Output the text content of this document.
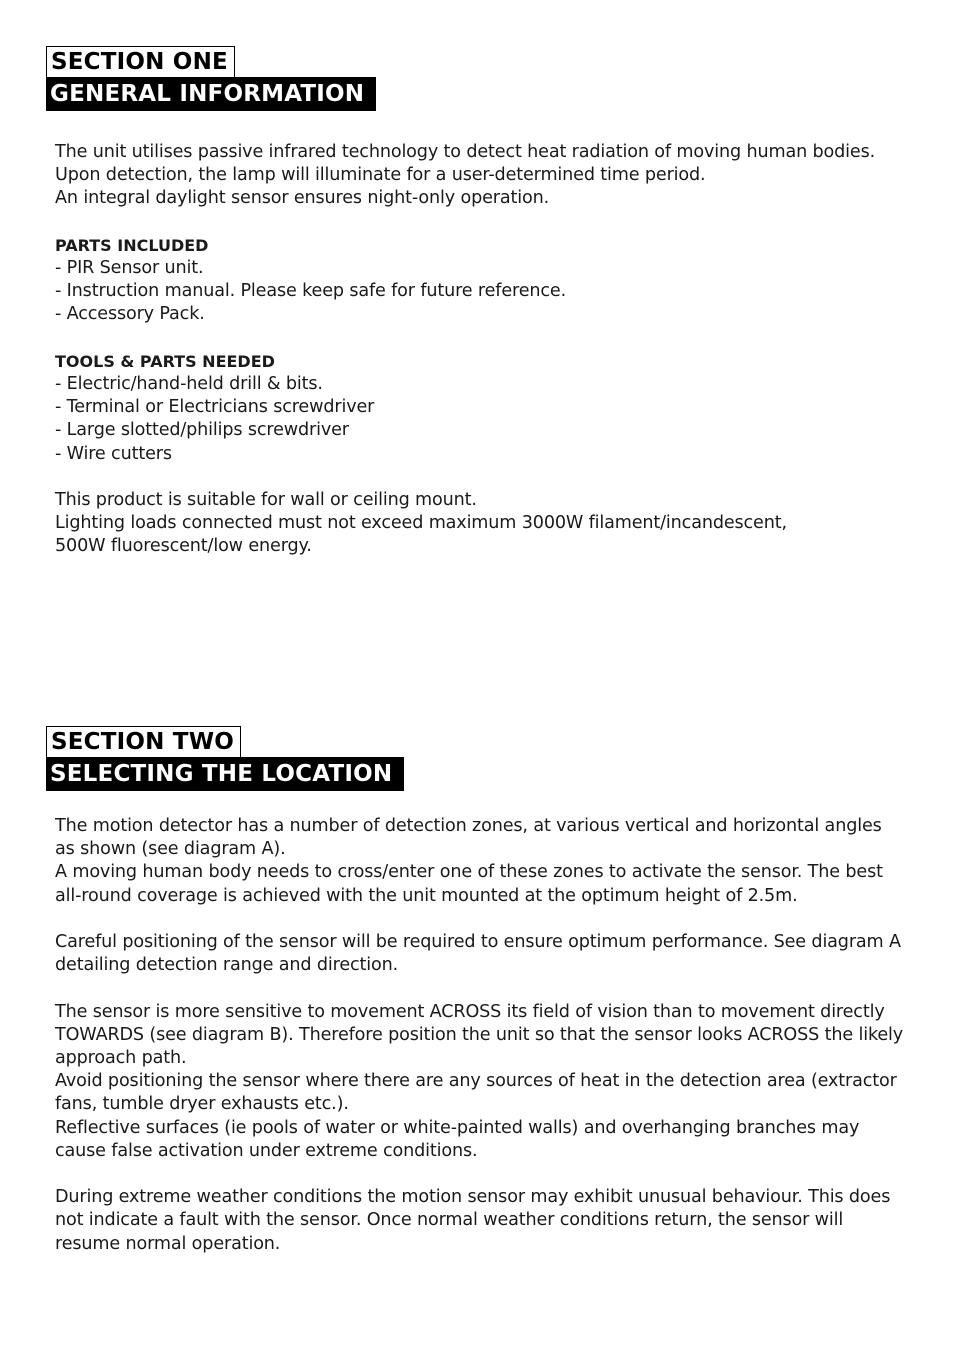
SECTION ONE
GENERAL INFORMATION

The unit utilises passive infrared technology to detect heat radiation of moving human bodies.

Upon detection, the lamp will illuminate for a user-determined time period.

An integral daylight sensor ensures night-only operation.

PARTS INCLUDED

- PIR Sensor unit.

- Instruction manual. Please keep safe for future reference.

- Accessory Pack.

TOOLS & PARTS NEEDED

- Electric/hand-held drill & bits.

- Terminal or Electricians screwdriver

- Large slotted/philips screwdriver

- Wire cutters

This product is suitable for wall or ceiling mount.

Lighting loads connected must not exceed maximum 3000W filament/incandescent,

500W fluorescent/low energy.

SECTION TWO
SELECTING THE LOCATION

The motion detector has a number of detection zones, at various vertical and horizontal angles as shown (see diagram A).

A moving human body needs to cross/enter one of these zones to activate the sensor. The best all-round coverage is achieved with the unit mounted at the optimum height of 2.5m.

Careful positioning of the sensor will be required to ensure optimum performance. See diagram A detailing detection range and direction.

The sensor is more sensitive to movement ACROSS its field of vision than to movement directly TOWARDS (see diagram B). Therefore position the unit so that the sensor looks ACROSS the likely approach path.

Avoid positioning the sensor where there are any sources of heat in the detection area (extractor fans, tumble dryer exhausts etc.).

Reflective surfaces (ie pools of water or white-painted walls) and overhanging branches may cause false activation under extreme conditions.

During extreme weather conditions the motion sensor may exhibit unusual behaviour. This does not indicate a fault with the sensor. Once normal weather conditions return, the sensor will resume normal operation.
